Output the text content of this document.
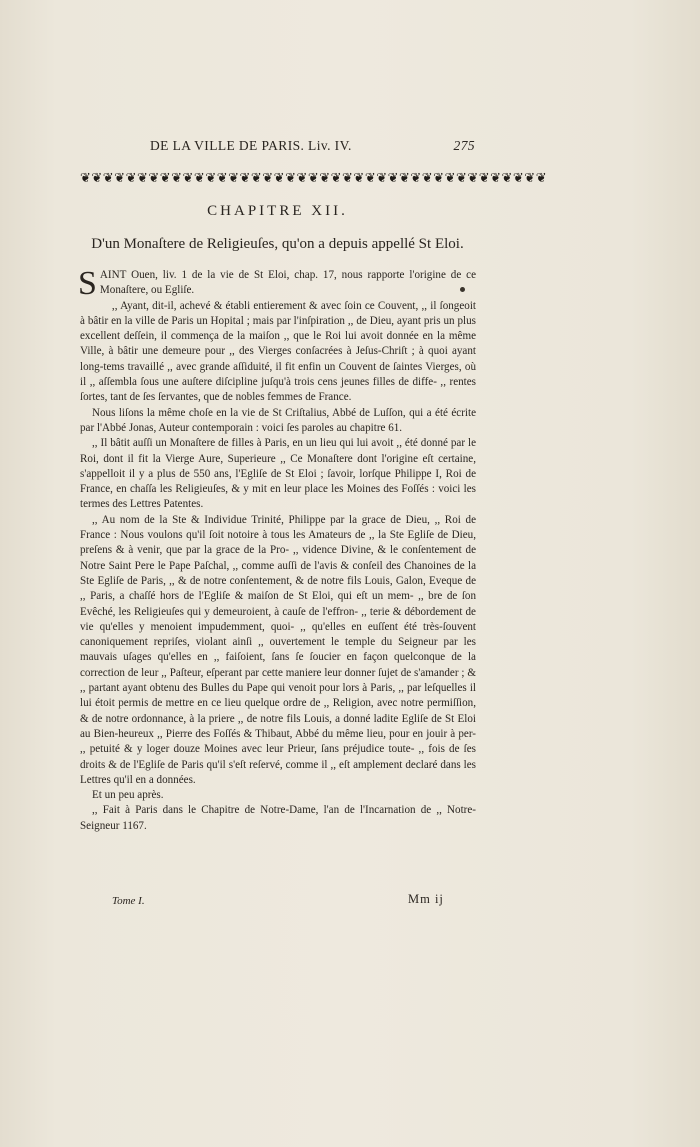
DE LA VILLE DE PARIS. Liv. IV.	275
❦❦❦❦❦❦❦❦❦❦❦❦❦❦❦❦❦❦❦❦❦❦❦❦❦❦❦❦❦❦❦❦❦❦❦❦❦❦❦❦❦
CHAPITRE XII.
D'un Monaſtere de Religieuſes, qu'on a depuis appellé St Eloi.

SAINT Ouen, liv. 1 de la vie de St Eloi, chap. 17, nous rapporte l'origine de ce Monaſtere, ou Egliſe.

,, Ayant, dit-il, achevé & établi entierement & avec ſoin ce Couvent, ,, il ſongeoit à bâtir en la ville de Paris un Hopital ; mais par l'inſpiration ,, de Dieu, ayant pris un plus excellent deſſein, il commença de la maiſon ,, que le Roi lui avoit donnée en la même Ville, à bâtir une demeure pour ,, des Vierges conſacrées à Jeſus-Chriſt ; à quoi ayant long-tems travaillé ,, avec grande aſſiduité, il fit enfin un Couvent de ſaintes Vierges, où il ,, aſſembla ſous une auſtere diſcipline juſqu'à trois cens jeunes filles de diffe- ,, rentes ſortes, tant de ſes ſervantes, que de nobles femmes de France.

Nous liſons la même choſe en la vie de St Criſtalius, Abbé de Luſſon, qui a été écrite par l'Abbé Jonas, Auteur contemporain : voici ſes paroles au chapitre 61.

,, Il bâtit auſſi un Monaſtere de filles à Paris, en un lieu qui lui avoit ,, été donné par le Roi, dont il fit la Vierge Aure, Superieure ,, Ce Monaſtere dont l'origine eſt certaine, s'appelloit il y a plus de 550 ans, l'Egliſe de St Eloi ; ſavoir, lorſque Philippe I, Roi de France, en chaſſa les Religieuſes, & y mit en leur place les Moines des Foſſés : voici les termes des Lettres Patentes.

,, Au nom de la Ste & Individue Trinité, Philippe par la grace de Dieu, ,, Roi de France : Nous voulons qu'il ſoit notoire à tous les Amateurs de ,, la Ste Egliſe de Dieu, preſens & à venir, que par la grace de la Pro- ,, vidence Divine, & le conſentement de Notre Saint Pere le Pape Paſchal, ,, comme auſſi de l'avis & conſeil des Chanoines de la Ste Egliſe de Paris, ,, & de notre conſentement, & de notre fils Louis, Galon, Eveque de ,, Paris, a chaſſé hors de l'Egliſe & maiſon de St Eloi, qui eſt un mem- ,, bre de ſon Evêché, les Religieuſes qui y demeuroient, à cauſe de l'effron- ,, terie & débordement de vie qu'elles y menoient impudemment, quoi- ,, qu'elles en euſſent été très-ſouvent canoniquement repriſes, violant ainſi ,, ouvertement le temple du Seigneur par les mauvais uſages qu'elles en ,, faiſoient, ſans ſe ſoucier en façon quelconque de la correction de leur ,, Paſteur, eſperant par cette maniere leur donner ſujet de s'amander ; & ,, partant ayant obtenu des Bulles du Pape qui venoit pour lors à Paris, ,, par leſquelles il lui étoit permis de mettre en ce lieu quelque ordre de ,, Religion, avec notre permiſſion, & de notre ordonnance, à la priere ,, de notre fils Louis, a donné ladite Egliſe de St Eloi au Bien-heureux ,, Pierre des Foſſés & Thibaut, Abbé du même lieu, pour en jouir à per- ,, petuité & y loger douze Moines avec leur Prieur, ſans préjudice toute- ,, fois de ſes droits & de l'Egliſe de Paris qu'il s'eſt reſervé, comme il ,, eſt amplement declaré dans les Lettres qu'il en a données.

Et un peu après.

,, Fait à Paris dans le Chapitre de Notre-Dame, l'an de l'Incarnation de ,, Notre-Seigneur 1167.

Tome I.	Mm ij
